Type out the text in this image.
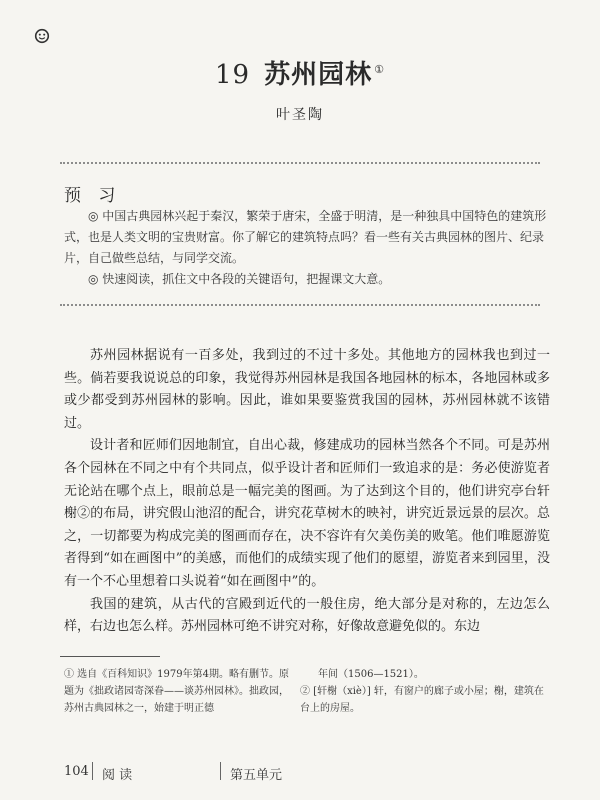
19 苏州园林 ①
叶圣陶
预 习

◎ 中国古典园林兴起于秦汉，繁荣于唐宋，全盛于明清，是一种独具中国特色的建筑形式，也是人类文明的宝贵财富。你了解它的建筑特点吗？看一些有关古典园林的图片、纪录片，自己做些总结，与同学交流。

◎ 快速阅读，抓住文中各段的关键语句，把握课文大意。

苏州园林据说有一百多处，我到过的不过十多处。其他地方的园林我也到过一些。倘若要我说说总的印象，我觉得苏州园林是我国各地园林的标本，各地园林或多或少都受到苏州园林的影响。因此，谁如果要鉴赏我国的园林，苏州园林就不该错过。

设计者和匠师们因地制宜，自出心裁，修建成功的园林当然各个不同。可是苏州各个园林在不同之中有个共同点，似乎设计者和匠师们一致追求的是：务必使游览者无论站在哪个点上，眼前总是一幅完美的图画。为了达到这个目的，他们讲究亭台轩榭②的布局，讲究假山池沼的配合，讲究花草树木的映衬，讲究近景远景的层次。总之，一切都要为构成完美的图画而存在，决不容许有欠美伤美的败笔。他们唯愿游览者得到“如在画图中”的美感，而他们的成绩实现了他们的愿望，游览者来到园里，没有一个不心里想着口头说着“如在画图中”的。

我国的建筑，从古代的宫殿到近代的一般住房，绝大部分是对称的，左边怎么样，右边也怎么样。苏州园林可绝不讲究对称，好像故意避免似的。东边

① 选自《百科知识》1979年第4期。略有删节。原题为《拙政诸园寄深眷——谈苏州园林》。拙政园，苏州古典园林之一，始建于明正德
年间（1506—1521）。
② [轩榭（xiè）] 轩，有窗户的廊子或小屋；榭，建筑在台上的房屋。
104 阅 读	第五单元
